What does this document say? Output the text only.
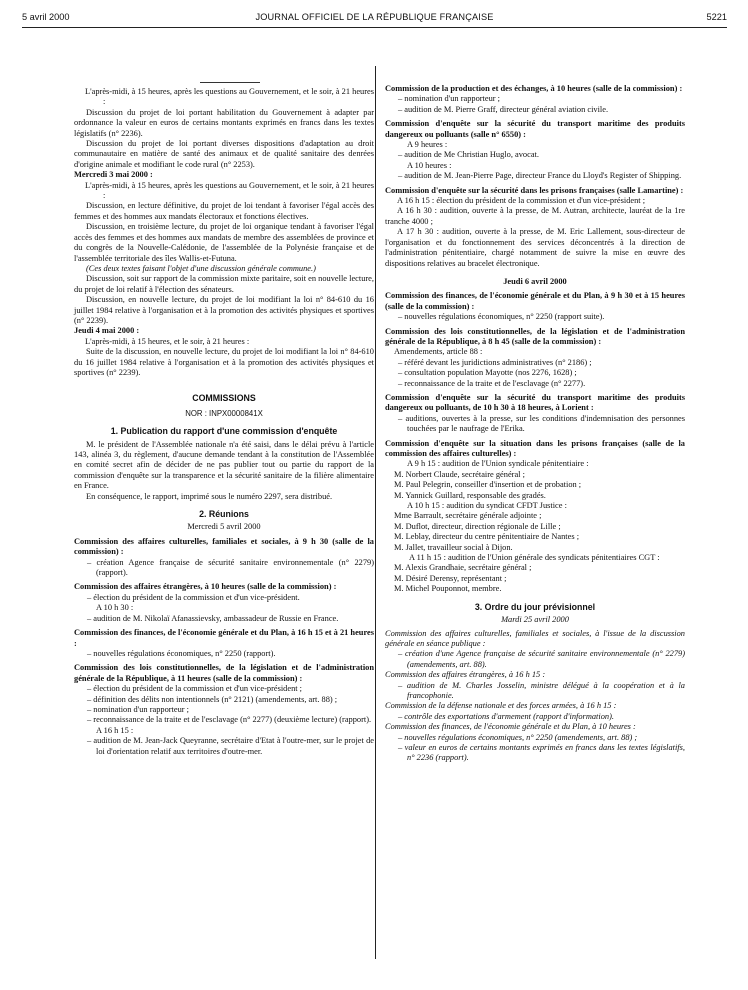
5 avril 2000	JOURNAL OFFICIEL DE LA RÉPUBLIQUE FRANÇAISE	5221

L'après-midi, à 15 heures, après les questions au Gouvernement, et le soir, à 21 heures :

Discussion du projet de loi portant habilitation du Gouvernement à adapter par ordonnance la valeur en euros de certains montants exprimés en francs dans les textes législatifs (n° 2236).

Discussion du projet de loi portant diverses dispositions d'adaptation au droit communautaire en matière de santé des animaux et de qualité sanitaire des denrées d'origine animale et modifiant le code rural (n° 2253).

Mercredi 3 mai 2000 :

L'après-midi, à 15 heures, après les questions au Gouvernement, et le soir, à 21 heures :

Discussion, en lecture définitive, du projet de loi tendant à favoriser l'égal accès des femmes et des hommes aux mandats électoraux et fonctions électives.

Discussion, en troisième lecture, du projet de loi organique tendant à favoriser l'égal accès des femmes et des hommes aux mandats de membre des assemblées de province et du congrès de la Nouvelle-Calédonie, de l'assemblée de la Polynésie française et de l'assemblée territoriale des îles Wallis-et-Futuna.

(Ces deux textes faisant l'objet d'une discussion générale commune.)

Discussion, soit sur rapport de la commission mixte paritaire, soit en nouvelle lecture, du projet de loi relatif à l'élection des sénateurs.

Discussion, en nouvelle lecture, du projet de loi modifiant la loi n° 84-610 du 16 juillet 1984 relative à l'organisation et à la promotion des activités physiques et sportives (n° 2239).

Jeudi 4 mai 2000 :

L'après-midi, à 15 heures, et le soir, à 21 heures :

Suite de la discussion, en nouvelle lecture, du projet de loi modifiant la loi n° 84-610 du 16 juillet 1984 relative à l'organisation et à la promotion des activités physiques et sportives (n° 2239).

COMMISSIONS

NOR : INPX0000841X

1. Publication du rapport d'une commission d'enquête

M. le président de l'Assemblée nationale n'a été saisi, dans le délai prévu à l'article 143, alinéa 3, du règlement, d'aucune demande tendant à la constitution de l'Assemblée en comité secret afin de décider de ne pas publier tout ou partie du rapport de la commission d'enquête sur la transparence et la sécurité sanitaire de la filière alimentaire en France.

En conséquence, le rapport, imprimé sous le numéro 2297, sera distribué.

2. Réunions

Mercredi 5 avril 2000

Commission des affaires culturelles, familiales et sociales, à 9 h 30 (salle de la commission) :

– création Agence française de sécurité sanitaire environnementale (n° 2279) (rapport).

Commission des affaires étrangères, à 10 heures (salle de la commission) :

– élection du président de la commission et d'un vice-président.

A 10 h 30 :

– audition de M. Nikolaï Afanassievsky, ambassadeur de Russie en France.

Commission des finances, de l'économie générale et du Plan, à 16 h 15 et à 21 heures :

– nouvelles régulations économiques, n° 2250 (rapport).

Commission des lois constitutionnelles, de la législation et de l'administration générale de la République, à 11 heures (salle de la commission) :

– élection du président de la commission et d'un vice-président ;

– définition des délits non intentionnels (n° 2121) (amendements, art. 88) ;

– nomination d'un rapporteur ;

– reconnaissance de la traite et de l'esclavage (n° 2277) (deuxième lecture) (rapport).

A 16 h 15 :

– audition de M. Jean-Jack Queyranne, secrétaire d'Etat à l'outre-mer, sur le projet de loi d'orientation relatif aux territoires d'outre-mer.

Commission de la production et des échanges, à 10 heures (salle de la commission) :

– nomination d'un rapporteur ;

– audition de M. Pierre Graff, directeur général aviation civile.

Commission d'enquête sur la sécurité du transport maritime des produits dangereux ou polluants (salle n° 6550) :

A 9 heures :

– audition de Me Christian Huglo, avocat.

A 10 heures :

– audition de M. Jean-Pierre Page, directeur France du Lloyd's Register of Shipping.

Commission d'enquête sur la sécurité dans les prisons françaises (salle Lamartine) :

A 16 h 15 : élection du président de la commission et d'un vice-président ;

A 16 h 30 : audition, ouverte à la presse, de M. Autran, architecte, lauréat de la 1re tranche 4000 ;

A 17 h 30 : audition, ouverte à la presse, de M. Eric Lallement, sous-directeur de l'organisation et du fonctionnement des services déconcentrés à la direction de l'administration pénitentiaire, chargé notamment de suivre la mise en œuvre des dispositions relatives au bracelet électronique.

Jeudi 6 avril 2000

Commission des finances, de l'économie générale et du Plan, à 9 h 30 et à 15 heures (salle de la commission) :

– nouvelles régulations économiques, n° 2250 (rapport suite).

Commission des lois constitutionnelles, de la législation et de l'administration générale de la République, à 8 h 45 (salle de la commission) :

Amendements, article 88 :

– référé devant les juridictions administratives (n° 2186) ;

– consultation population Mayotte (nos 2276, 1628) ;

– reconnaissance de la traite et de l'esclavage (n° 2277).

Commission d'enquête sur la sécurité du transport maritime des produits dangereux ou polluants, de 10 h 30 à 18 heures, à Lorient :

– auditions, ouvertes à la presse, sur les conditions d'indemnisation des personnes touchées par le naufrage de l'Erika.

Commission d'enquête sur la situation dans les prisons françaises (salle de la commission des affaires culturelles) :

A 9 h 15 : audition de l'Union syndicale pénitentiaire :

M. Norbert Claude, secrétaire général ;

M. Paul Pelegrin, conseiller d'insertion et de probation ;

M. Yannick Guillard, responsable des gradés.

A 10 h 15 : audition du syndicat CFDT Justice :

Mme Barrault, secrétaire générale adjointe ;

M. Duflot, directeur, direction régionale de Lille ;

M. Leblay, directeur du centre pénitentiaire de Nantes ;

M. Jallet, travailleur social à Dijon.

A 11 h 15 : audition de l'Union générale des syndicats pénitentiaires CGT :

M. Alexis Grandhaie, secrétaire général ;

M. Désiré Derensy, représentant ;

M. Michel Pouponnot, membre.

3. Ordre du jour prévisionnel

Mardi 25 avril 2000

Commission des affaires culturelles, familiales et sociales, à l'issue de la discussion générale en séance publique :

– création d'une Agence française de sécurité sanitaire environnementale (n° 2279) (amendements, art. 88).

Commission des affaires étrangères, à 16 h 15 :

– audition de M. Charles Josselin, ministre délégué à la coopération et à la francophonie.

Commission de la défense nationale et des forces armées, à 16 h 15 :

– contrôle des exportations d'armement (rapport d'information).

Commission des finances, de l'économie générale et du Plan, à 10 heures :

– nouvelles régulations économiques, n° 2250 (amendements, art. 88) ;

– valeur en euros de certains montants exprimés en francs dans les textes législatifs, n° 2236 (rapport).
